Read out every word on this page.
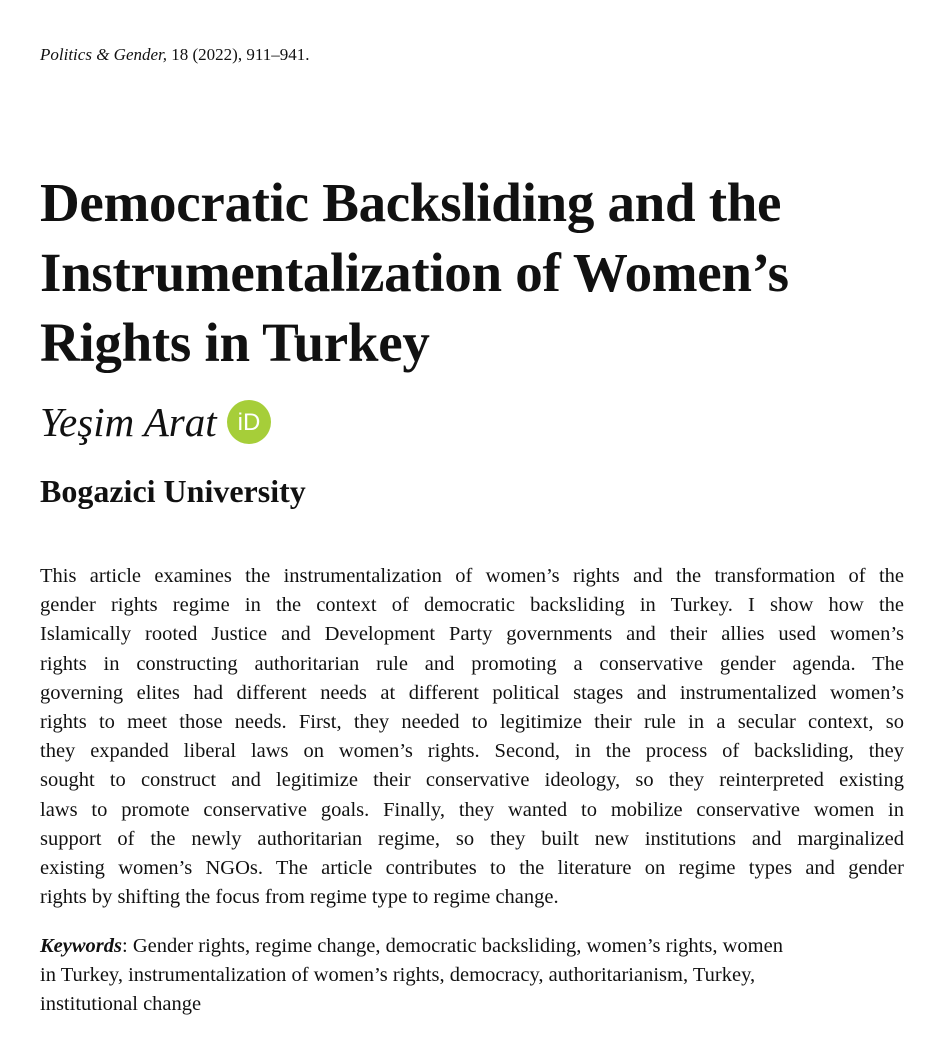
Politics & Gender, 18 (2022), 911–941.
Democratic Backsliding and the
Instrumentalization of Women’s
Rights in Turkey
Yeşim Arat iD
Bogazici University
This article examines the instrumentalization of women’s rights and the transformation of the
gender rights regime in the context of democratic backsliding in Turkey. I show how the
Islamically rooted Justice and Development Party governments and their allies used women’s
rights in constructing authoritarian rule and promoting a conservative gender agenda. The
governing elites had different needs at different political stages and instrumentalized women’s
rights to meet those needs. First, they needed to legitimize their rule in a secular context, so
they expanded liberal laws on women’s rights. Second, in the process of backsliding, they
sought to construct and legitimize their conservative ideology, so they reinterpreted existing
laws to promote conservative goals. Finally, they wanted to mobilize conservative women in
support of the newly authoritarian regime, so they built new institutions and marginalized
existing women’s NGOs. The article contributes to the literature on regime types and gender
rights by shifting the focus from regime type to regime change.
Keywords: Gender rights, regime change, democratic backsliding, women’s rights, women
in Turkey, instrumentalization of women’s rights, democracy, authoritarianism, Turkey,
institutional change
